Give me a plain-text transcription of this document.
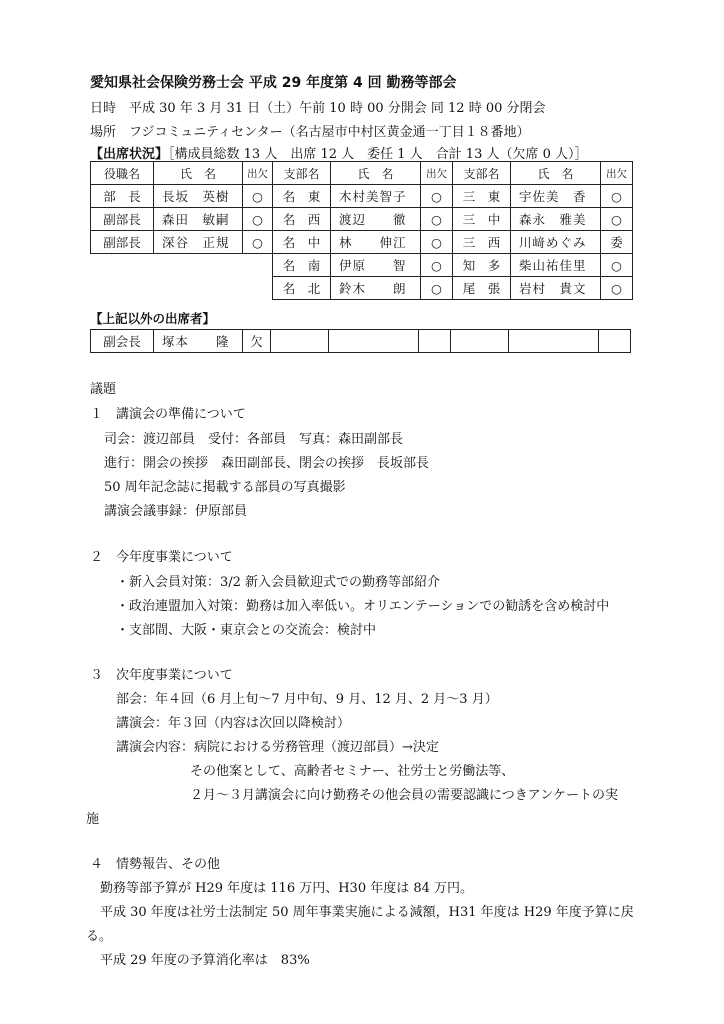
愛知県社会保険労務士会 平成 29 年度第 4 回 勤務等部会
日時　平成 30 年 3 月 31 日（土）午前 10 時 00 分開会 同 12 時 00 分閉会
場所　フジコミュニティセンター（名古屋市中村区黄金通一丁目１８番地）
【出席状況】［構成員総数 13 人　出席 12 人　委任 1 人　合計 13 人（欠席 0 人）］
役職名	氏　名	出欠	支部名	氏　名	出欠	支部名	氏　名	出欠
部　長	長坂　英樹	○	名　東	木村美智子	○	三　東	宇佐美　香	○
副部長	森田　敏嗣	○	名　西	渡辺　　徹	○	三　中	森永　雅美	○
副部長	深谷　正規	○	名　中	林　　伸江	○	三　西	川﨑めぐみ	委
			名　南	伊原　　智	○	知　多	柴山祐佳里	○
			名　北	鈴木　　朗	○	尾　張	岩村　貴文	○
【上記以外の出席者】
副会長	塚本　　隆	欠						
議題
１　講演会の準備について
司会：渡辺部員　受付：各部員　写真：森田副部長
進行：開会の挨拶　森田副部長、閉会の挨拶　長坂部長
50 周年記念誌に掲載する部員の写真撮影
講演会議事録：伊原部員
２　今年度事業について
・新入会員対策：3/2 新入会員歓迎式での勤務等部紹介
・政治連盟加入対策：勤務は加入率低い。オリエンテーションでの勧誘を含め検討中
・支部間、大阪・東京会との交流会：検討中
３　次年度事業について
部会：年４回（6 月上旬〜7 月中旬、9 月、12 月、2 月〜3 月）
講演会：年３回（内容は次回以降検討）
講演会内容：病院における労務管理（渡辺部員）→決定
その他案として、高齢者セミナー、社労士と労働法等、
２月〜３月講演会に向け勤務その他会員の需要認識につきアンケートの実
施
４　情勢報告、その他
勤務等部予算が H29 年度は 116 万円、H30 年度は 84 万円。
平成 30 年度は社労士法制定 50 周年事業実施による減額，H31 年度は H29 年度予算に戻
る。
平成 29 年度の予算消化率は　83%
